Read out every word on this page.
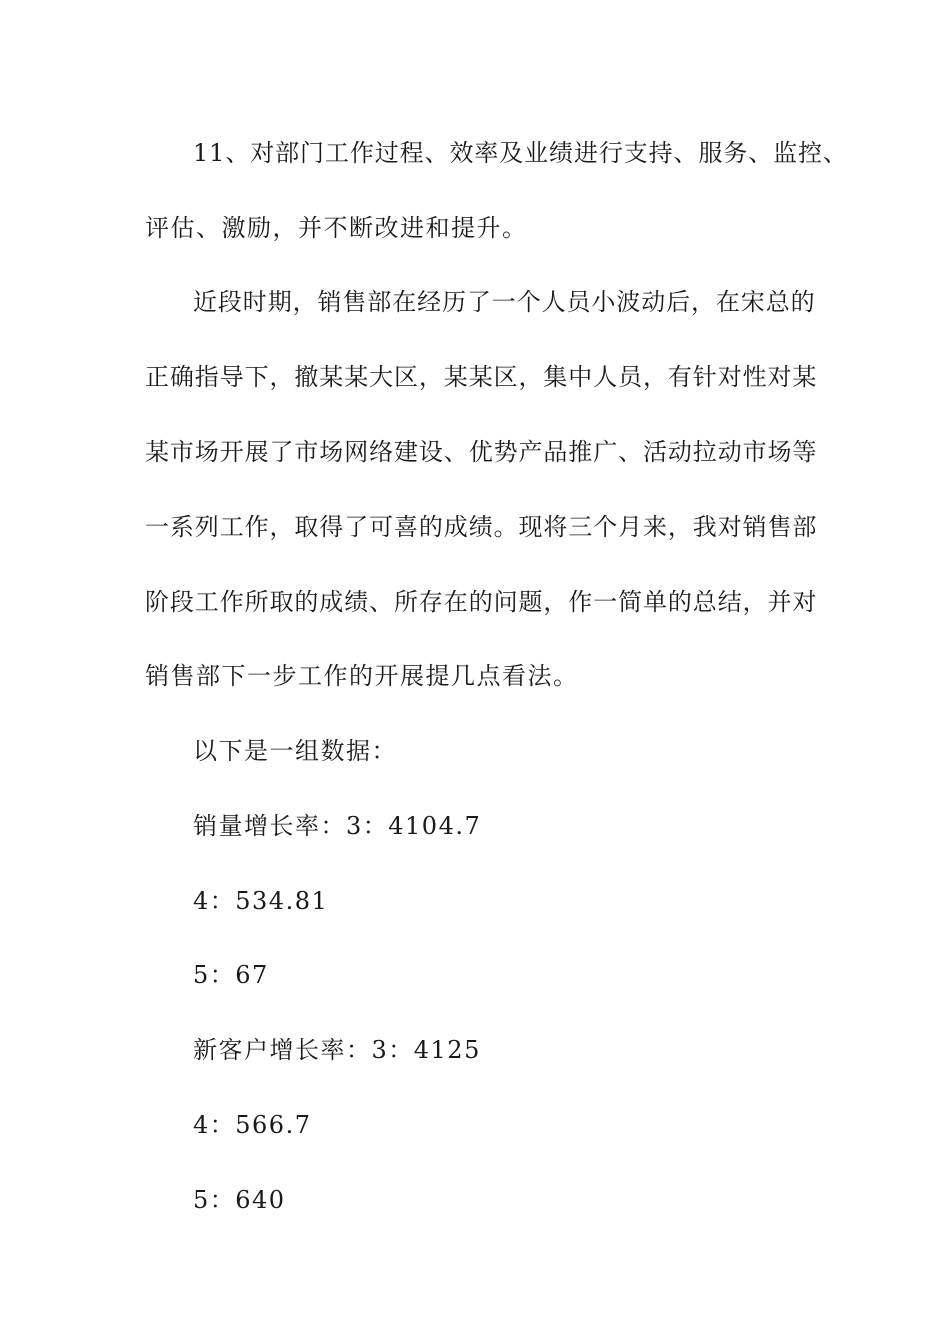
11、对部门工作过程、效率及业绩进行支持、服务、监控、
评估、激励，并不断改进和提升。
近段时期，销售部在经历了一个人员小波动后，在宋总的
正确指导下，撤某某大区，某某区，集中人员，有针对性对某
某市场开展了市场网络建设、优势产品推广、活动拉动市场等
一系列工作，取得了可喜的成绩。现将三个月来，我对销售部
阶段工作所取的成绩、所存在的问题，作一简单的总结，并对
销售部下一步工作的开展提几点看法。
以下是一组数据：
销量增长率：3：4104.7
4：534.81
5：67
新客户增长率：3：4125
4：566.7
5：640
